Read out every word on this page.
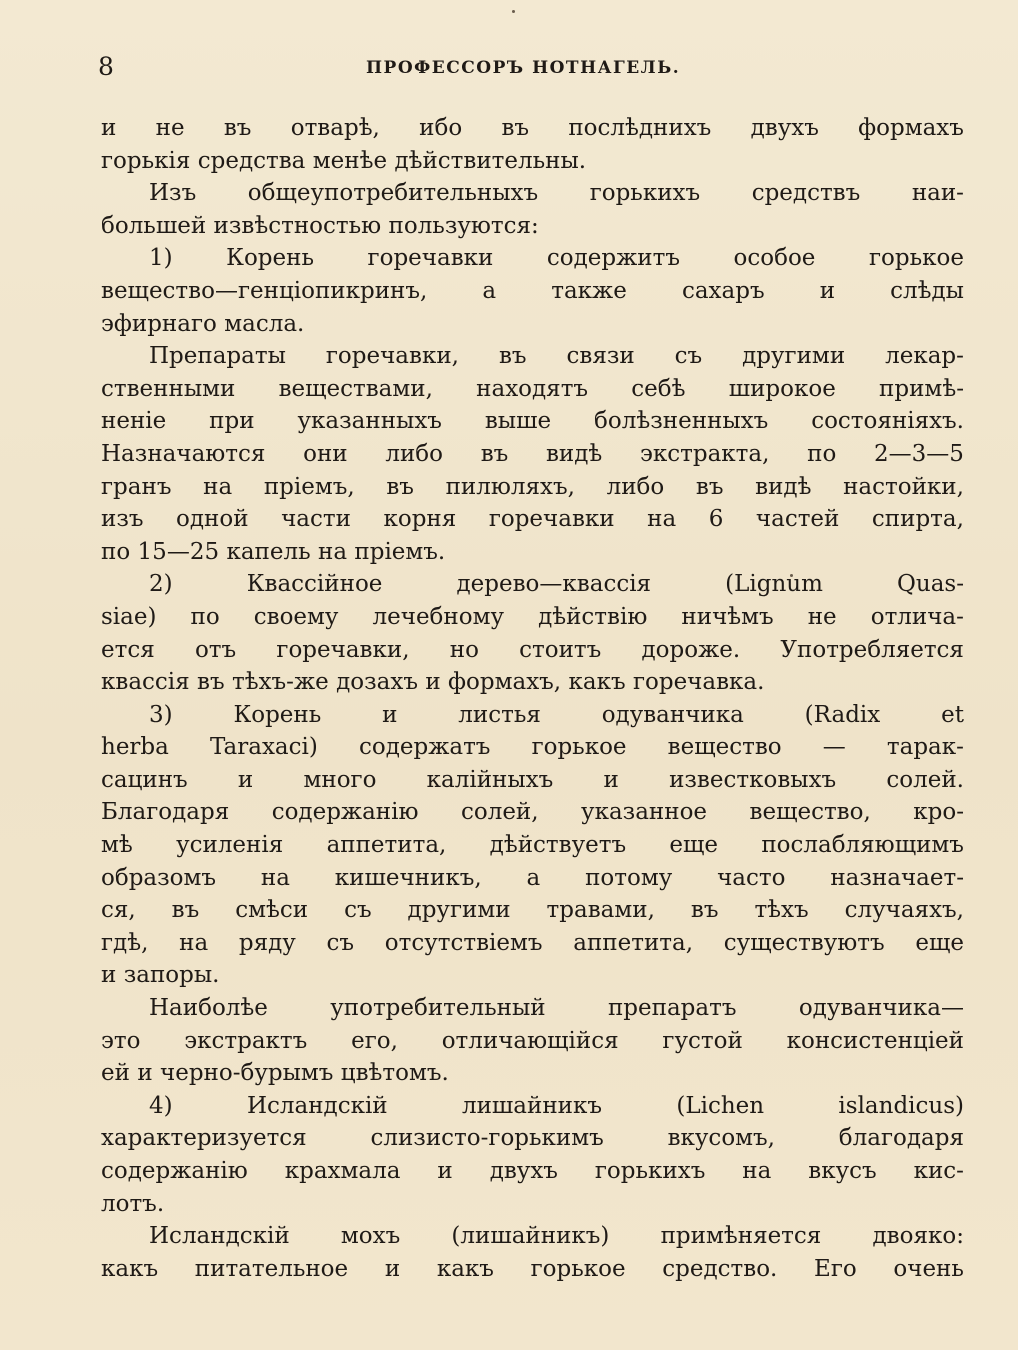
8	ПРОФЕССОРЪ НОТНАГЕЛЬ.
и не въ отварѣ, ибо въ послѣднихъ двухъ формахъ
горькія средства менѣе дѣйствительны.
Изъ общеупотребительныхъ горькихъ средствъ наи-
большей извѣстностью пользуются:
1) Корень горечавки содержитъ особое горькое
вещество—генціопикринъ, а также сахаръ и слѣды
эфирнаго масла.
Препараты горечавки, въ связи съ другими лекар-
ственными веществами, находятъ себѣ широкое примѣ-
неніе при указанныхъ выше болѣзненныхъ состояніяхъ.
Назначаются они либо въ видѣ экстракта, по 2—3—5
гранъ на пріемъ, въ пилюляхъ, либо въ видѣ настойки,
изъ одной части корня горечавки на 6 частей спирта,
по 15—25 капель на пріемъ.
2)	Квассійное	дерево—квассія	(Lignum	Quas-
siae) по своему лечебному дѣйствію ничѣмъ не отлича-
ется отъ горечавки, но стоитъ дороже. Употребляется
квассія въ тѣхъ-же дозахъ и формахъ, какъ горечавка.
3)	Корень	и	листья	одуванчика	(Radix	et
herba Taraxaci) содержатъ горькое вещество — тарак-
сацинъ и много калійныхъ и известковыхъ солей.
Благодаря содержанію солей, указанное вещество, кро-
мѣ усиленія аппетита, дѣйствуетъ еще послабляющимъ
образомъ на кишечникъ, а потому часто назначает-
ся, въ смѣси съ другими травами, въ тѣхъ случаяхъ,
гдѣ, на ряду съ отсутствіемъ аппетита, существуютъ еще
и запоры.
Наиболѣе	употребительный	препаратъ	одуванчика—
это экстрактъ его, отличающійся густой консистенціей
ей и черно-бурымъ цвѣтомъ.
4)	Исландскій	лишайникъ	(Lichen	islandicus)
характеризуется	слизисто-горькимъ	вкусомъ,	благодаря
содержанію крахмала и двухъ горькихъ на вкусъ кис-
лотъ.
Исландскій мохъ (лишайникъ) примѣняется двояко:
какъ питательное и какъ горькое средство. Его очень
